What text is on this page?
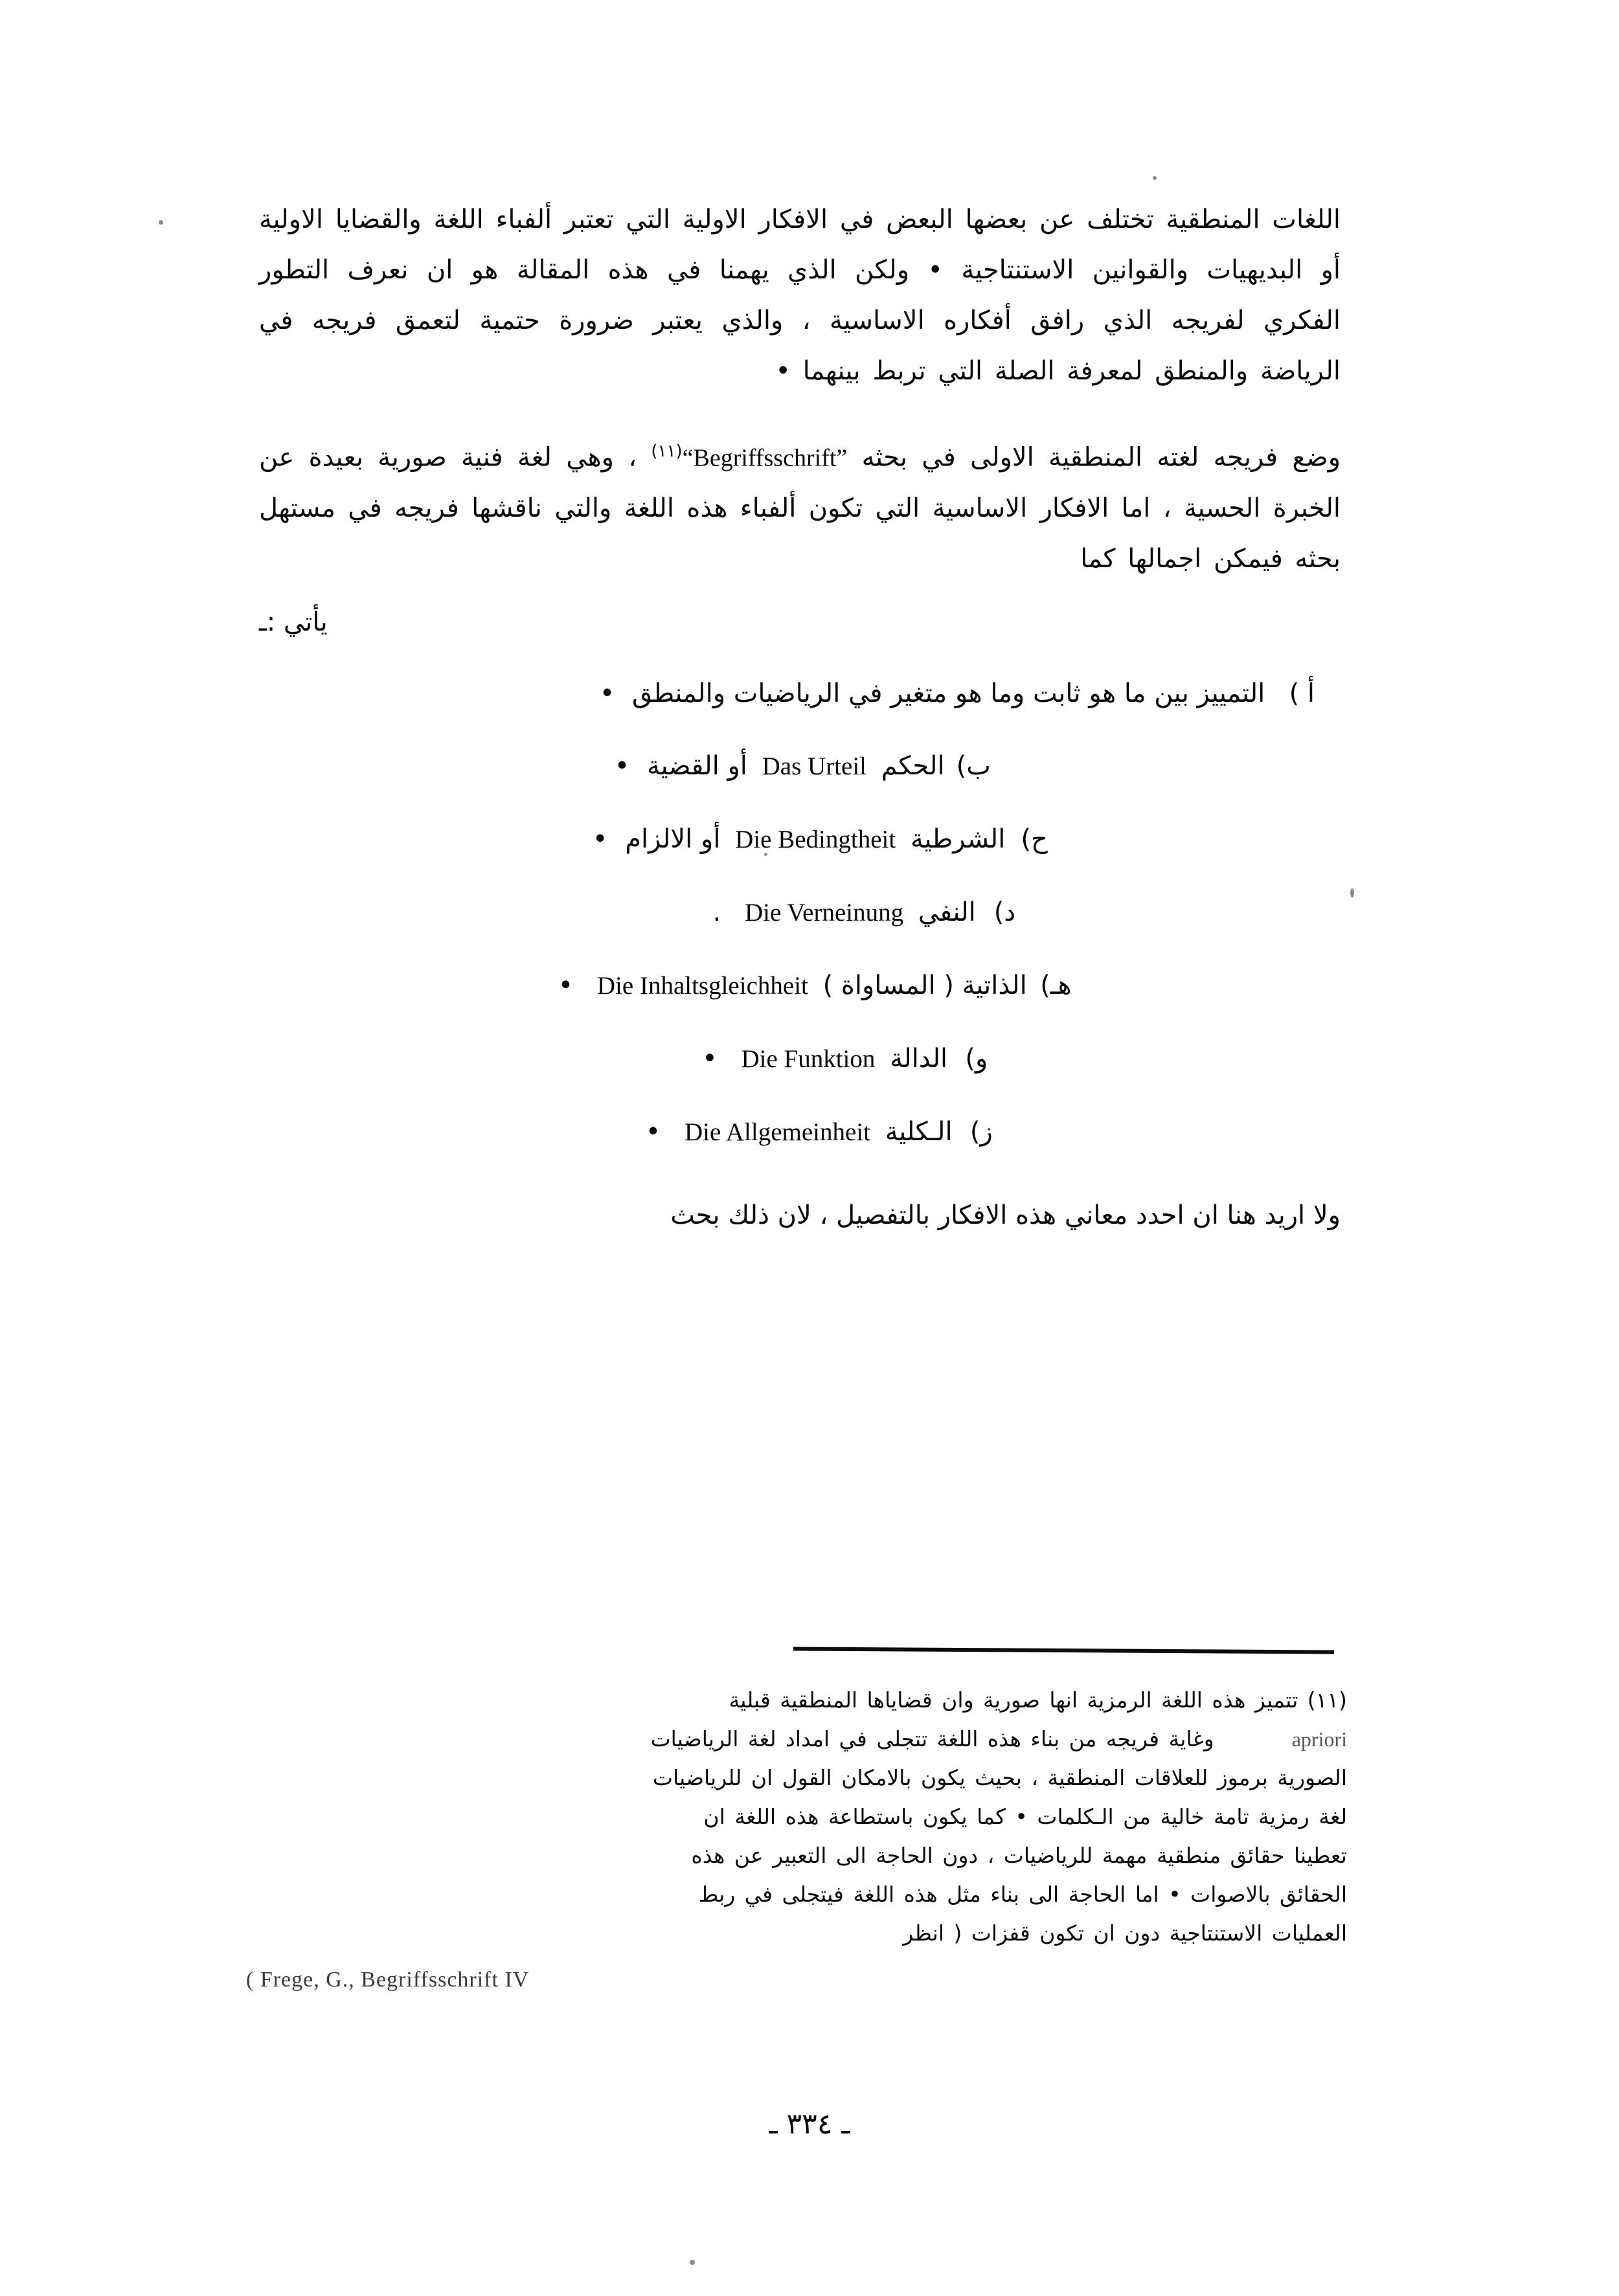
اللغات المنطقية تختلف عن بعضها البعض في الافكار الاولية التي تعتبر ألفباء اللغة والقضايا الاولية أو البديهيات والقوانين الاستنتاجية • ولكن الذي يهمنا في هذه المقالة هو ان نعرف التطور الفكري لفريجه الذي رافق أفكاره الاساسية ، والذي يعتبر ضرورة حتمية لتعمق فريجه في الرياضة والمنطق لمعرفة الصلة التي تربط بينهما •

وضع فريجه لغته المنطقية الاولى في بحثه “Begriffsschrift”$^{(١١)}$ ، وهي لغة فنية صورية بعيدة عن الخبرة الحسية ، اما الافكار الاساسية التي تكون ألفباء هذه اللغة والتي ناقشها فريجه في مستهل بحثه فيمكن اجمالها كما

يأتي :ـ
أ ) التمييز بين ما هو ثابت وما هو متغير في الرياضيات والمنطق •
ب) الحكم Das Urteil أو القضية •
ح) الشرطية Die Bedingtheit أو الالزام •
د) النفي Die Verneinung .
هـ) الذاتية ( المساواة ) Die Inhaltsgleichheit •
و) الدالة Die Funktion •
ز) الـكلية Die Allgemeinheit •

ولا اريد هنا ان احدد معاني هذه الافكار بالتفصيل ، لان ذلك بحث

(١١) تتميز هذه اللغة الرمزية انها صورية وان قضاياها المنطقية قبلية
apriori
وغاية فريجه من بناء هذه اللغة تتجلى في امداد لغة الرياضيات
الصورية برموز للعلاقات المنطقية ، بحيث يكون بالامكان القول ان للرياضيات
لغة رمزية تامة خالية من الـكلمات • كما يكون باستطاعة هذه اللغة ان
تعطينا حقائق منطقية مهمة للرياضيات ، دون الحاجة الى التعبير عن هذه
الحقائق بالاصوات • اما الحاجة الى بناء مثل هذه اللغة فيتجلى في ربط
العمليات الاستنتاجية دون ان تكون قفزات ( انظر
( Frege, G., Begriffsschrift IV
ـ ٣٣٤ ـ
